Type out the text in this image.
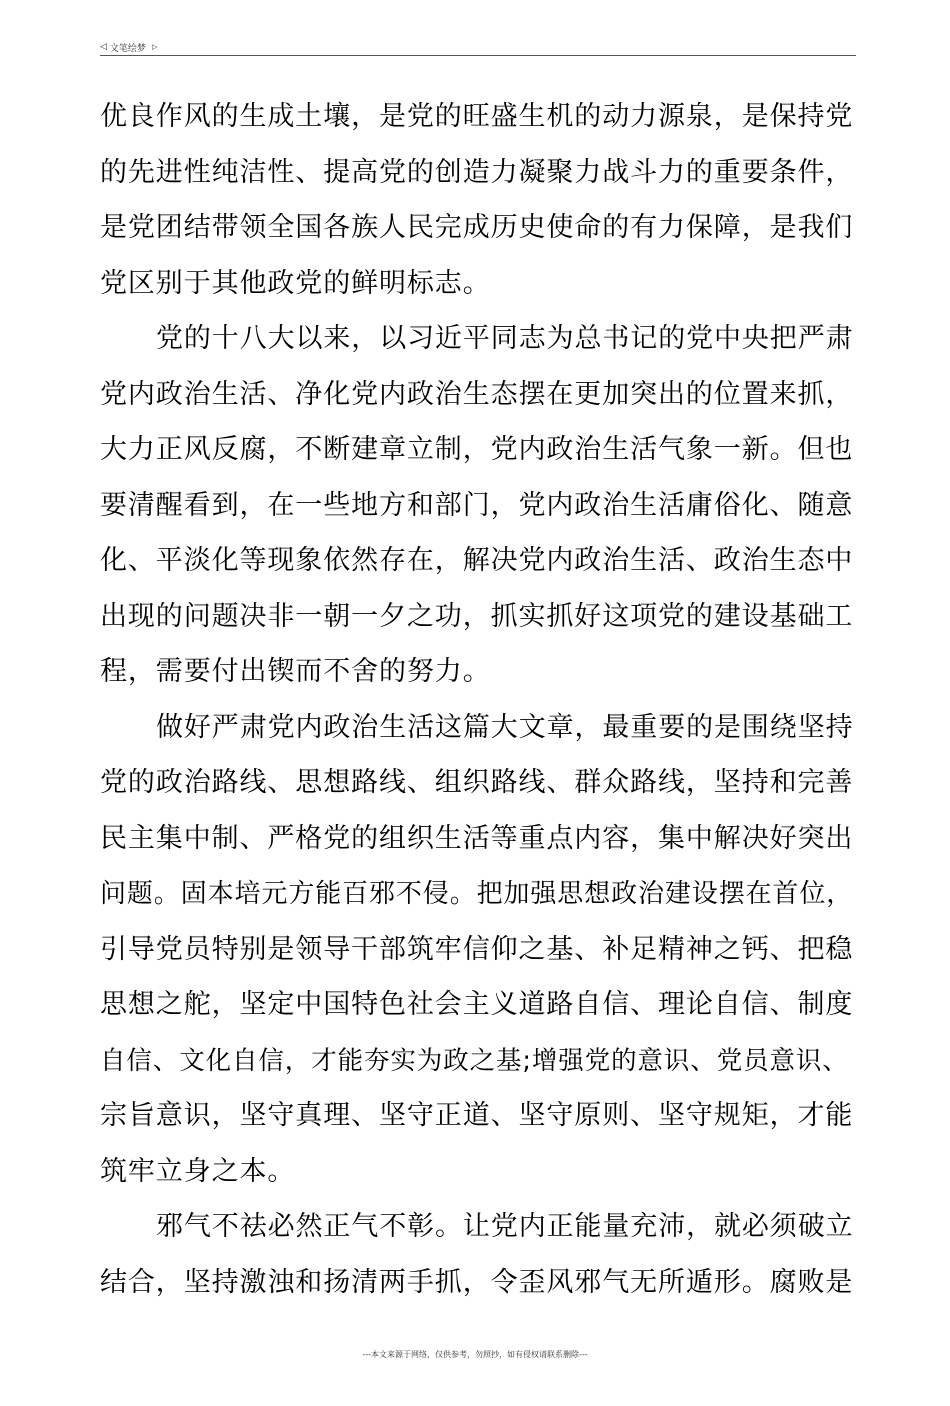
◁ 文笔绘梦 ▷
优良作风的生成土壤，是党的旺盛生机的动力源泉，是保持党
的先进性纯洁性、提高党的创造力凝聚力战斗力的重要条件，
是党团结带领全国各族人民完成历史使命的有力保障，是我们
党区别于其他政党的鲜明标志。
党的十八大以来，以习近平同志为总书记的党中央把严肃
党内政治生活、净化党内政治生态摆在更加突出的位置来抓，
大力正风反腐，不断建章立制，党内政治生活气象一新。但也
要清醒看到，在一些地方和部门，党内政治生活庸俗化、随意
化、平淡化等现象依然存在，解决党内政治生活、政治生态中
出现的问题决非一朝一夕之功，抓实抓好这项党的建设基础工
程，需要付出锲而不舍的努力。
做好严肃党内政治生活这篇大文章，最重要的是围绕坚持
党的政治路线、思想路线、组织路线、群众路线，坚持和完善
民主集中制、严格党的组织生活等重点内容，集中解决好突出
问题。固本培元方能百邪不侵。把加强思想政治建设摆在首位，
引导党员特别是领导干部筑牢信仰之基、补足精神之钙、把稳
思想之舵，坚定中国特色社会主义道路自信、理论自信、制度
自信、文化自信，才能夯实为政之基;增强党的意识、党员意识、
宗旨意识，坚守真理、坚守正道、坚守原则、坚守规矩，才能
筑牢立身之本。
邪气不祛必然正气不彰。让党内正能量充沛，就必须破立
结合，坚持激浊和扬清两手抓，令歪风邪气无所遁形。腐败是
---本文来源于网络，仅供参考，勿照抄，如有侵权请联系删除---
